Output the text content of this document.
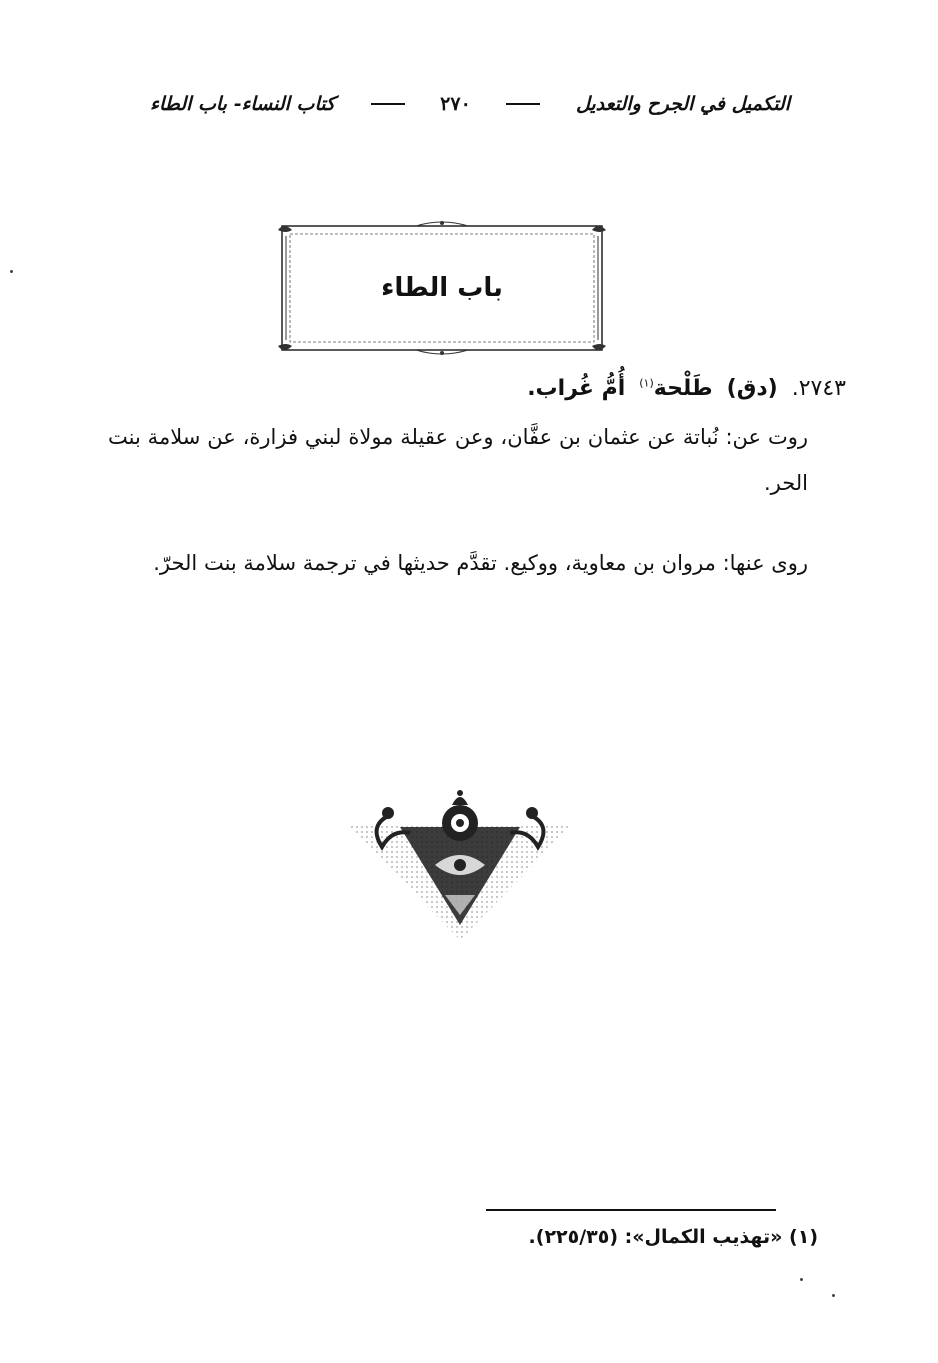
التكميل في الجرح والتعديل
٢٧٠
كتاب النساء- باب الطاء
باب الطاء
٢٧٤٣.
(دق)
طَلْحة$^{(١)}$
أُمُّ غُراب.

روت عن: نُباتة عن عثمان بن عفَّان، وعن عقيلة مولاة لبني فزارة، عن سلامة بنت الحر.

روى عنها: مروان بن معاوية، ووكيع. تقدَّم حديثها في ترجمة سلامة بنت الحرّ.

(١) «تهذيب الكمال»: (٢٢٥/٣٥).
